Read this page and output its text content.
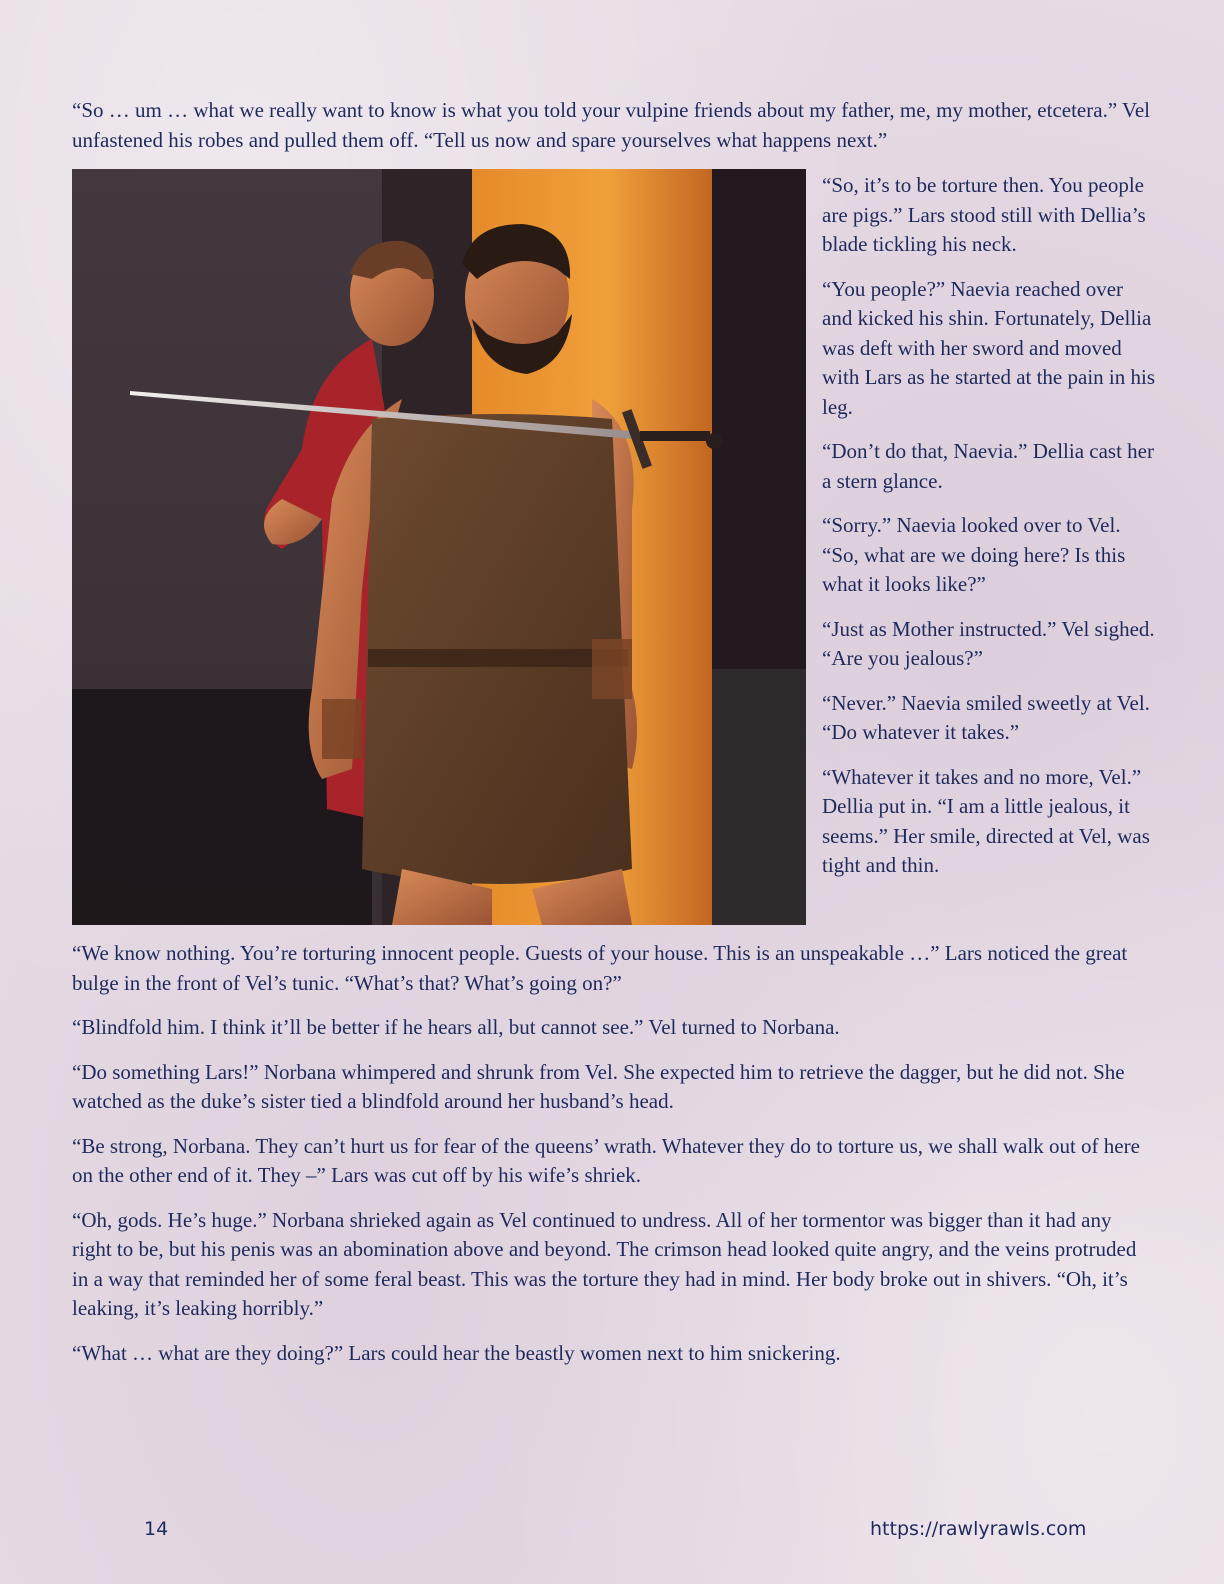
“So … um … what we really want to know is what you told your vulpine friends about my father, me, my mother, etcetera.” Vel unfastened his robes and pulled them off. “Tell us now and spare yourselves what happens next.”

“So, it’s to be torture then. You people are pigs.” Lars stood still with Dellia’s blade tickling his neck.

“You people?” Naevia reached over and kicked his shin. Fortunately, Dellia was deft with her sword and moved with Lars as he started at the pain in his leg.

“Don’t do that, Naevia.” Dellia cast her a stern glance.

“Sorry.” Naevia looked over to Vel. “So, what are we doing here? Is this what it looks like?”

“Just as Mother instructed.” Vel sighed. “Are you jealous?”

“Never.” Naevia smiled sweetly at Vel. “Do whatever it takes.”

“Whatever it takes and no more, Vel.” Dellia put in. “I am a little jealous, it seems.” Her smile, directed at Vel, was tight and thin.

“We know nothing. You’re torturing innocent people. Guests of your house. This is an unspeakable …” Lars noticed the great bulge in the front of Vel’s tunic. “What’s that? What’s going on?”

“Blindfold him. I think it’ll be better if he hears all, but cannot see.” Vel turned to Norbana.

“Do something Lars!” Norbana whimpered and shrunk from Vel. She expected him to retrieve the dagger, but he did not. She watched as the duke’s sister tied a blindfold around her husband’s head.

“Be strong, Norbana. They can’t hurt us for fear of the queens’ wrath. Whatever they do to torture us, we shall walk out of here on the other end of it. They –” Lars was cut off by his wife’s shriek.

“Oh, gods. He’s huge.” Norbana shrieked again as Vel continued to undress. All of her tormentor was bigger than it had any right to be, but his penis was an abomination above and beyond. The crimson head looked quite angry, and the veins protruded in a way that reminded her of some feral beast. This was the torture they had in mind. Her body broke out in shivers. “Oh, it’s leaking, it’s leaking horribly.”

“What … what are they doing?” Lars could hear the beastly women next to him snickering.

14	https://rawlyrawls.com
